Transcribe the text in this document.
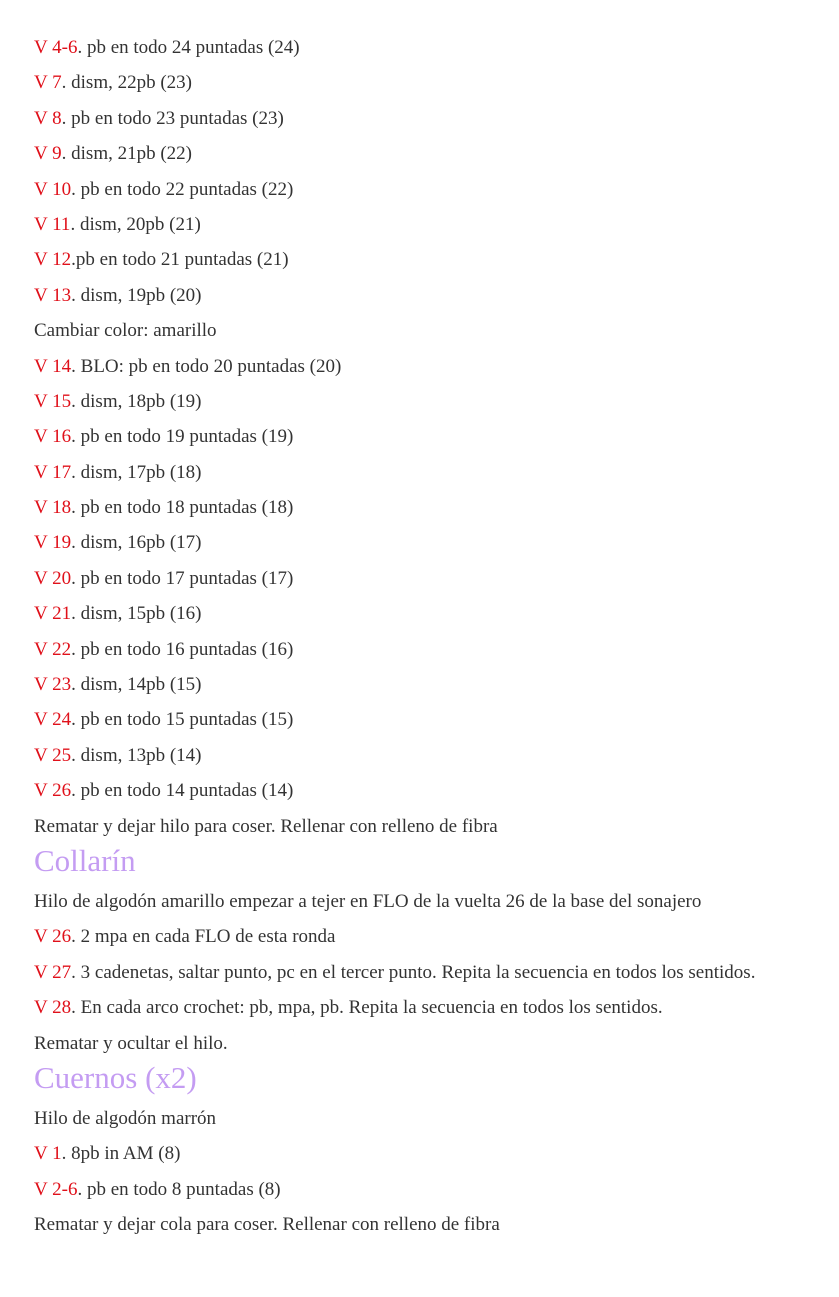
V 4-6. pb en todo 24 puntadas (24)
V 7. dism, 22pb (23)
V 8. pb en todo 23 puntadas (23)
V 9. dism, 21pb (22)
V 10. pb en todo 22 puntadas (22)
V 11. dism, 20pb (21)
V 12.pb en todo 21 puntadas (21)
V 13. dism, 19pb (20)
Cambiar color: amarillo
V 14. BLO: pb en todo 20 puntadas (20)
V 15. dism, 18pb (19)
V 16. pb en todo 19 puntadas (19)
V 17. dism, 17pb (18)
V 18. pb en todo 18 puntadas (18)
V 19. dism, 16pb (17)
V 20. pb en todo 17 puntadas (17)
V 21. dism, 15pb (16)
V 22. pb en todo 16 puntadas (16)
V 23. dism, 14pb (15)
V 24. pb en todo 15 puntadas (15)
V 25. dism, 13pb (14)
V 26. pb en todo 14 puntadas (14)
Rematar y dejar hilo para coser. Rellenar con relleno de fibra
Collarín
Hilo de algodón amarillo empezar a tejer en FLO de la vuelta 26 de la base del sonajero
V 26. 2 mpa en cada FLO de esta ronda
V 27. 3 cadenetas, saltar punto, pc en el tercer punto. Repita la secuencia en todos los sentidos.
V 28. En cada arco crochet: pb, mpa, pb. Repita la secuencia en todos los sentidos.
Rematar y ocultar el hilo.
Cuernos (x2)
Hilo de algodón marrón
V 1. 8pb in AM (8)
V 2-6. pb en todo 8 puntadas (8)
Rematar y dejar cola para coser. Rellenar con relleno de fibra
